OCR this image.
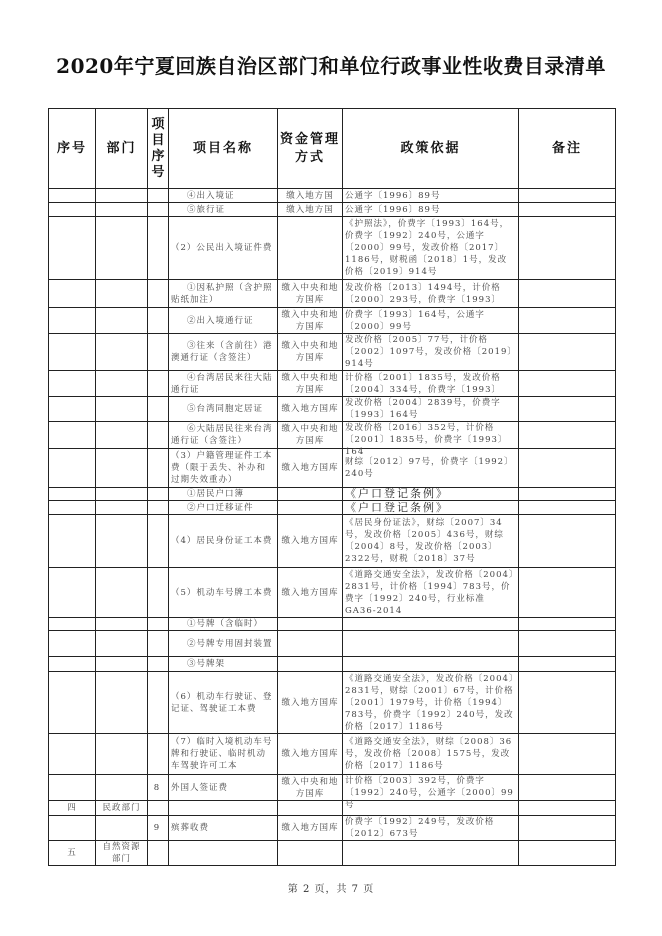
2020年宁夏回族自治区部门和单位行政事业性收费目录清单
序号	部门	项目序号	项目名称	资金管理方式	政策依据	备注

			④出入境证	缴入地方国	公通字〔1996〕89号	

			⑤旅行证	缴入地方国	公通字〔1996〕89号	

			（2）公民出入境证件费		《护照法》，价费字〔1993〕164号，价费字〔1992〕240号，公通字〔2000〕99号，发改价格〔2017〕1186号，财税函〔2018〕1号，发改价格〔2019〕914号	

			①因私护照（含护照贴纸加注）	缴入中央和地方国库	发改价格〔2013〕1494号，计价格〔2000〕293号，价费字〔1993〕	

			②出入境通行证	缴入中央和地方国库	价费字〔1993〕164号，公通字〔2000〕99号	

			③往来（含前往）港澳通行证（含签注）	缴入中央和地方国库	发改价格〔2005〕77号，计价格〔2002〕1097号，发改价格〔2019〕914号	

			④台湾居民来往大陆通行证	缴入中央和地方国库	计价格〔2001〕1835号，发改价格〔2004〕334号，价费字〔1993〕	

			⑤台湾同胞定居证	缴入地方国库	发改价格〔2004〕2839号，价费字〔1993〕164号	

			⑥大陆居民往来台湾通行证（含签注）	缴入中央和地方国库	发改价格〔2016〕352号，计价格〔2001〕1835号，价费字〔1993〕164	

			（3）户籍管理证件工本费（限于丢失、补办和过期失效重办）	缴入地方国库	财综〔2012〕97号，价费字〔1992〕240号	

			①居民户口簿		《户口登记条例》	

			②户口迁移证件		《户口登记条例》	

			（4）居民身份证工本费	缴入地方国库	《居民身份证法》，财综〔2007〕34号，发改价格〔2005〕436号，财综〔2004〕8号，发改价格〔2003〕2322号，财税〔2018〕37号	

			（5）机动车号牌工本费	缴入地方国库	《道路交通安全法》，发改价格〔2004〕2831号，计价格〔1994〕783号，价费字〔1992〕240号，行业标准GA36-2014	

			①号牌（含临时）			

			②号牌专用固封装置			

			③号牌架			

			（6）机动车行驶证、登记证、驾驶证工本费	缴入地方国库	《道路交通安全法》，发改价格〔2004〕2831号，财综〔2001〕67号，计价格〔2001〕1979号，计价格〔1994〕783号，价费字〔1992〕240号，发改价格〔2017〕1186号	

			（7）临时入境机动车号牌和行驶证、临时机动车驾驶许可工本	缴入地方国库	《道路交通安全法》，财综〔2008〕36号，发改价格〔2008〕1575号，发改价格〔2017〕1186号	

		8	外国人签证费	缴入中央和地方国库	计价格〔2003〕392号，价费字〔1992〕240号，公通字〔2000〕99号	

四	民政部门					

		9	殡葬收费	缴入地方国库	价费字〔1992〕249号，发改价格〔2012〕673号	

五	自然资源部门					

第 2 页，共 7 页
